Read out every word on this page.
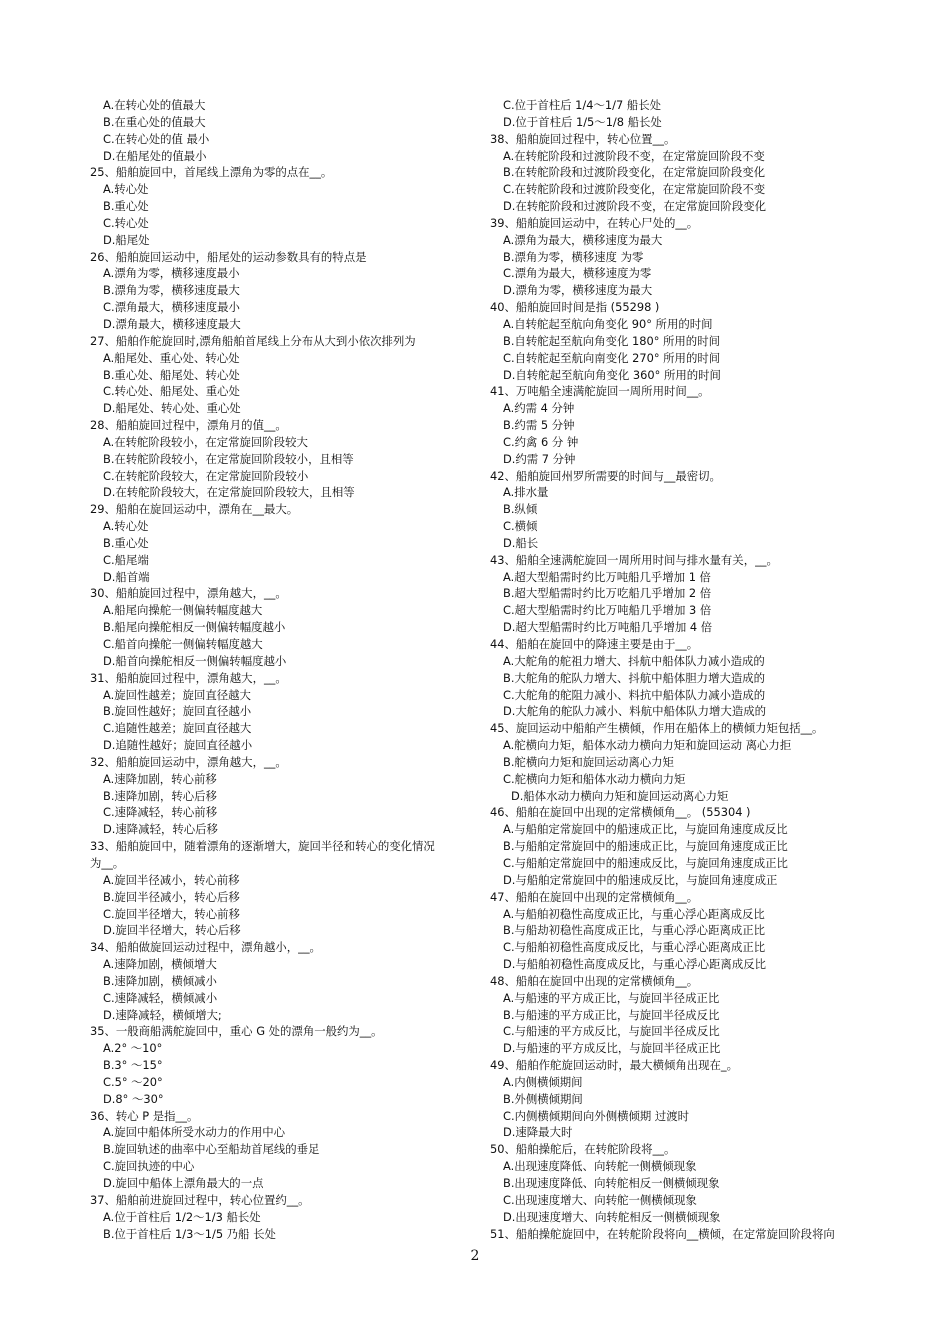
A.在转心处的值最大
B.在重心处的值最大
C.在转心处的值 最小
D.在船尾处的值最小
25、船舶旋回中，首尾线上漂角为零的点在__。
A.转心处
B.重心处
C.转心处
D.船尾处
26、船舶旋回运动中，船尾处的运动参数具有的特点是
A.漂角为零，横移速度最小
B.漂角为零，横移速度最大
C.漂角最大，横移速度最小
D.漂角最大，横移速度最大
27、船舶作舵旋回时,漂角船舶首尾线上分布从大到小依次排列为
A.船尾处、重心处、转心处
B.重心处、船尾处、转心处
C.转心处、船尾处、重心处
D.船尾处、转心处、重心处
28、船舶旋回过程中，漂角月的值__。
A.在转舵阶段较小，在定常旋回阶段较大
B.在转舵阶段较小，在定常旋回阶段较小，且相等
C.在转舵阶段较大，在定常旋回阶段较小
D.在转舵阶段较大，在定常旋回阶段较大，且相等
29、船舶在旋回运动中，漂角在__最大。
A.转心处
B.重心处
C.船尾端
D.船首端
30、船舶旋回过程中，漂角越大，__。
A.船尾向操舵一侧偏转幅度越大
B.船尾向操舵相反一侧偏转幅度越小
C.船首向操舵一侧偏转幅度越大
D.船首向操舵相反一侧偏转幅度越小
31、船舶旋回过程中，漂角越大，__。
A.旋回性越差；旋回直径越大
B.旋回性越好；旋回直径越小
C.追随性越差；旋回直径越大
D.追随性越好；旋回直径越小
32、船舶旋回运动中，漂角越大，__。
A.速降加剧，转心前移
B.速降加剧，转心后移
C.速降减轻，转心前移
D.速降减轻，转心后移
33、船舶旋回中，随着漂角的逐渐增大，旋回半径和转心的变化情况
为__。
A.旋回半径减小，转心前移
B.旋回半径减小，转心后移
C.旋回半径增大，转心前移
D.旋回半径增大，转心后移
34、船舶做旋回运动过程中，漂角越小，__。
A.速降加剧，横倾增大
B.速降加剧，横倾减小
C.速降减轻，横倾减小
D.速降减轻，横倾增大;
35、一般商船满舵旋回中，重心 G 处的漂角一般约为__。
A.2° ～10°
B.3° ～15°
C.5° ～20°
D.8° ～30°
36、转心 P 是指__。
A.旋回中船体所受水动力的作用中心
B.旋回轨述的曲率中心至船劫首尾线的垂足
C.旋回执迹的中心
D.旋回中船体上漂角最大的一点
37、船舶前进旋回过程中，转心位置约__。
A.位于首柱后 1/2～1/3 船长处
B.位于首柱后 1/3～1/5 乃船 长处
C.位于首柱后 1/4～1/7 船长处
D.位于首柱后 1/5～1/8 船长处
38、船舶旋回过程中，转心位置__。
A.在转舵阶段和过渡阶段不变，在定常旋回阶段不变
B.在转舵阶段和过渡阶段变化，在定常旋回阶段变化
C.在转舵阶段和过渡阶段变化，在定常旋回阶段不变
D.在转舵阶段和过渡阶段不变，在定常旋回阶段变化
39、船舶旋回运动中，在转心尸处的__。
A.漂角为最大，横移速度为最大
B.漂角为零，横移速度 为零
C.漂角为最大，横移速度为零
D.漂角为零，横移速度为最大
40、船舶旋回时间是指 (55298 )
A.自转舵起至航向角变化 90° 所用的时间
B.自转舵起至航向角变化 180° 所用的时间
C.自转舵起至航向南变化 270° 所用的时间
D.自转舵起至航向角变化 360° 所用的时间
41、万吨船全速满舵旋回一周所用时间__。
A.约需 4 分钟
B.约需 5 分钟
C.约禽 6 分 钟
D.约需 7 分钟
42、船舶旋回州罗所需要的时间与__最密切。
A.排水量
B.纵倾
C.横倾
D.船长
43、船舶全速满舵旋回一周所用时间与排水量有关，__。
A.超大型船需时约比万吨船几乎增加 1 倍
B.超大型船需时约比万吃船几乎增加 2 倍
C.超大型船需时约比万吨船几乎增加 3 倍
D.超大型船需时约比万吨船几乎增加 4 倍
44、船舶在旋回中的降速主要是由于__。
A.大舵角的舵祖力增大、抖航中船体队力减小造成的
B.大舵角的舵队力增大、抖航中船体胆力增大造成的
C.大舵角的舵阻力减小、料抗中船体队力减小造成的
D.大舵角的舵队力减小、料航中船体队力增大造成的
45、旋回运动中船舶产生横倾，作用在船体上的横倾力矩包括__。
A.舵横向力矩，船体水动力横向力矩和旋回运动 离心力拒
B.舵横向力矩和旋回运动离心力矩
C.舵横向力矩和船体水动力横向力矩
D.船体水动力横向力矩和旋回运动离心力矩
46、船舶在旋回中出现的定常横倾角__。 (55304 )
A.与船舶定常旋回中的船速成正比，与旋回角速度成反比
B.与船舶定常旋回中的船速成正比，与旋回角速度成正比
C.与船舶定常旋回中的船速成反比，与旋回角速度成正比
D.与船舶定常旋回中的船速成反比，与旋回角速度成正
47、船舶在旋回中出现的定常横倾角__。
A.与船舶初稳性高度成正比，与重心浮心距离成反比
B.与船劫初稳性高度成正比，与重心浮心距离成正比
C.与船舶初稳性高度成反比，与重心浮心距离成正比
D.与船舶初稳性高度成反比，与重心浮心距离成反比
48、船舶在旋回中出现的定常横倾角__。
A.与船速的平方成正比，与旋回半径成正比
B.与船速的平方成正比，与旋回半径成反比
C.与船速的平方成反比，与旋回半径成反比
D.与船速的平方成反比，与旋回半径成正比
49、船舶作舵旋回运动时，最大横倾角出现在_。
A.内侧横倾期间
B.外侧横倾期间
C.内侧横倾期间向外侧横倾期 过渡时
D.速降最大时
50、船舶操舵后，在转舵阶段将__。
A.出现速度降低、向转舵一侧横倾现象
B.出现速度降低、向转舵相反一侧横倾现象
C.出现速度增大、向转舵一侧横倾现象
D.出现速度增大、向转舵相反一侧横倾现象
51、船舶操舵旋回中，在转舵阶段将向__横倾，在定常旋回阶段将向
2
